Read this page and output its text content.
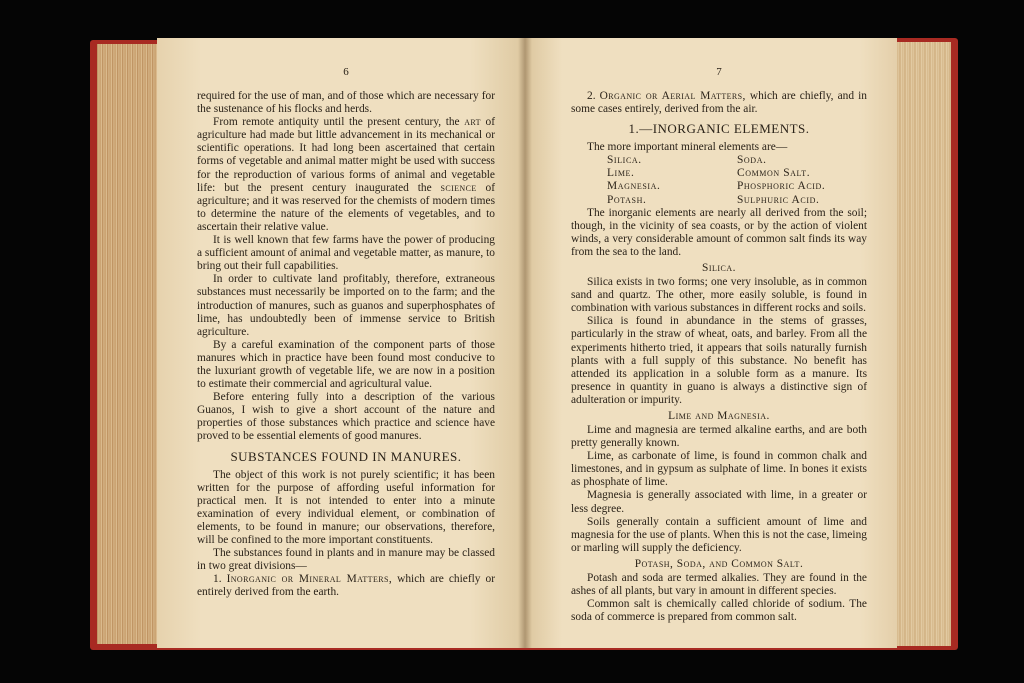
6

required for the use of man, and of those which are necessary for the sustenance of his flocks and herds.

From remote antiquity until the present century, the art of agriculture had made but little advancement in its mechanical or scientific operations. It had long been ascertained that certain forms of vegetable and animal matter might be used with success for the reproduction of various forms of animal and vegetable life: but the present century inaugurated the science of agriculture; and it was reserved for the chemists of modern times to determine the nature of the elements of vegetables, and to ascertain their relative value.

It is well known that few farms have the power of producing a sufficient amount of animal and vegetable matter, as manure, to bring out their full capabilities.

In order to cultivate land profitably, therefore, extraneous substances must necessarily be imported on to the farm; and the introduction of manures, such as guanos and superphosphates of lime, has undoubtedly been of immense service to British agriculture.

By a careful examination of the component parts of those manures which in practice have been found most conducive to the luxuriant growth of vegetable life, we are now in a position to estimate their commercial and agricultural value.

Before entering fully into a description of the various Guanos, I wish to give a short account of the nature and properties of those substances which practice and science have proved to be essential elements of good manures.

SUBSTANCES FOUND IN MANURES.

The object of this work is not purely scientific; it has been written for the purpose of affording useful information for practical men. It is not intended to enter into a minute examination of every individual element, or combination of elements, to be found in manure; our observations, therefore, will be confined to the more important constituents.

The substances found in plants and in manure may be classed in two great divisions—

1. Inorganic or Mineral Matters, which are chiefly or entirely derived from the earth.

7

2. Organic or Aerial Matters, which are chiefly, and in some cases entirely, derived from the air.

1.—INORGANIC ELEMENTS.
The more important mineral elements are—
Silica.	Soda.
Lime.	Common Salt.
Magnesia.	Phosphoric Acid.
Potash.	Sulphuric Acid.

The inorganic elements are nearly all derived from the soil; though, in the vicinity of sea coasts, or by the action of violent winds, a very considerable amount of common salt finds its way from the sea to the land.

Silica.

Silica exists in two forms; one very insoluble, as in common sand and quartz. The other, more easily soluble, is found in combination with various substances in different rocks and soils.

Silica is found in abundance in the stems of grasses, particularly in the straw of wheat, oats, and barley. From all the experiments hitherto tried, it appears that soils naturally furnish plants with a full supply of this substance. No benefit has attended its application in a soluble form as a manure. Its presence in quantity in guano is always a distinctive sign of adulteration or impurity.

Lime and Magnesia.

Lime and magnesia are termed alkaline earths, and are both pretty generally known.

Lime, as carbonate of lime, is found in common chalk and limestones, and in gypsum as sulphate of lime. In bones it exists as phosphate of lime.

Magnesia is generally associated with lime, in a greater or less degree.

Soils generally contain a sufficient amount of lime and magnesia for the use of plants. When this is not the case, limeing or marling will supply the deficiency.

Potash, Soda, and Common Salt.

Potash and soda are termed alkalies. They are found in the ashes of all plants, but vary in amount in different species.

Common salt is chemically called chloride of sodium. The soda of commerce is prepared from common salt.
